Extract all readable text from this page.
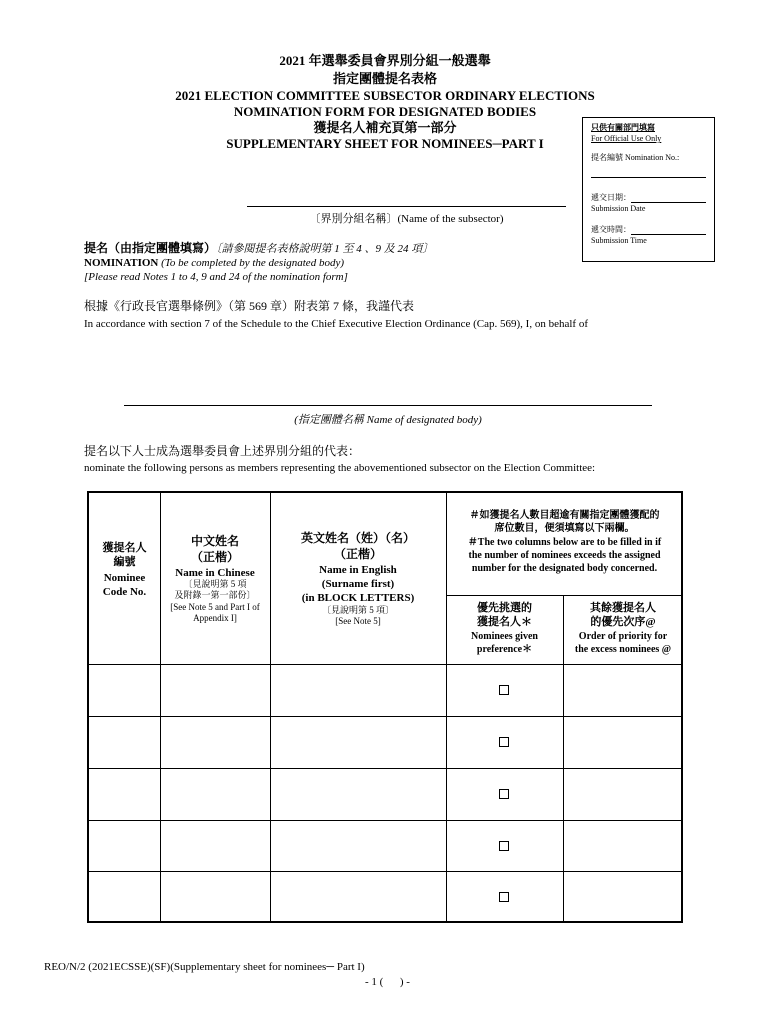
2021 年選舉委員會界別分組一般選舉
指定團體提名表格
2021 ELECTION COMMITTEE SUBSECTOR ORDINARY ELECTIONS
NOMINATION FORM FOR DESIGNATED BODIES
獲提名人補充頁第一部分
SUPPLEMENTARY SHEET FOR NOMINEES─PART I
只供有關部門填寫
For Official Use Only
提名編號 Nomination No.:
遞交日期：
Submission Date
遞交時間：
Submission Time
〔界別分組名稱〕(Name of the subsector)
提名（由指定團體填寫）〔請參閱提名表格說明第 1 至 4 、9 及 24 項〕
NOMINATION (To be completed by the designated body)
[Please read Notes 1 to 4, 9 and 24 of the nomination form]
根據《行政長官選舉條例》（第 569 章）附表第 7 條，我謹代表
In accordance with section 7 of the Schedule to the Chief Executive Election Ordinance (Cap. 569), I, on behalf of
(指定團體名稱 Name of designated body)
提名以下人士成為選舉委員會上述界別分組的代表：
nominate the following persons as members representing the abovementioned subsector on the Election Committee:
獲提名人
編號
Nominee
Code No.
中文姓名
（正楷）
Name in Chinese
〔見說明第 5 項
及附錄一第一部份〕
[See Note 5 and Part I of
Appendix I]
英文姓名（姓）（名）
（正楷）
Name in English
(Surname first)
(in BLOCK LETTERS)
〔見說明第 5 項〕
[See Note 5]
＃如獲提名人數目超逾有關指定團體獲配的
席位數目，便須填寫以下兩欄。
＃The two columns below are to be filled in if
the number of nominees exceeds the assigned
number for the designated body concerned.
優先挑選的
獲提名人＊
Nominees given
preference＊
其餘獲提名人
的優先次序@
Order of priority for
the excess nominees @
REO/N/2 (2021ECSSE)(SF)(Supplementary sheet for nominees─ Part I)
- 1 (      ) -
